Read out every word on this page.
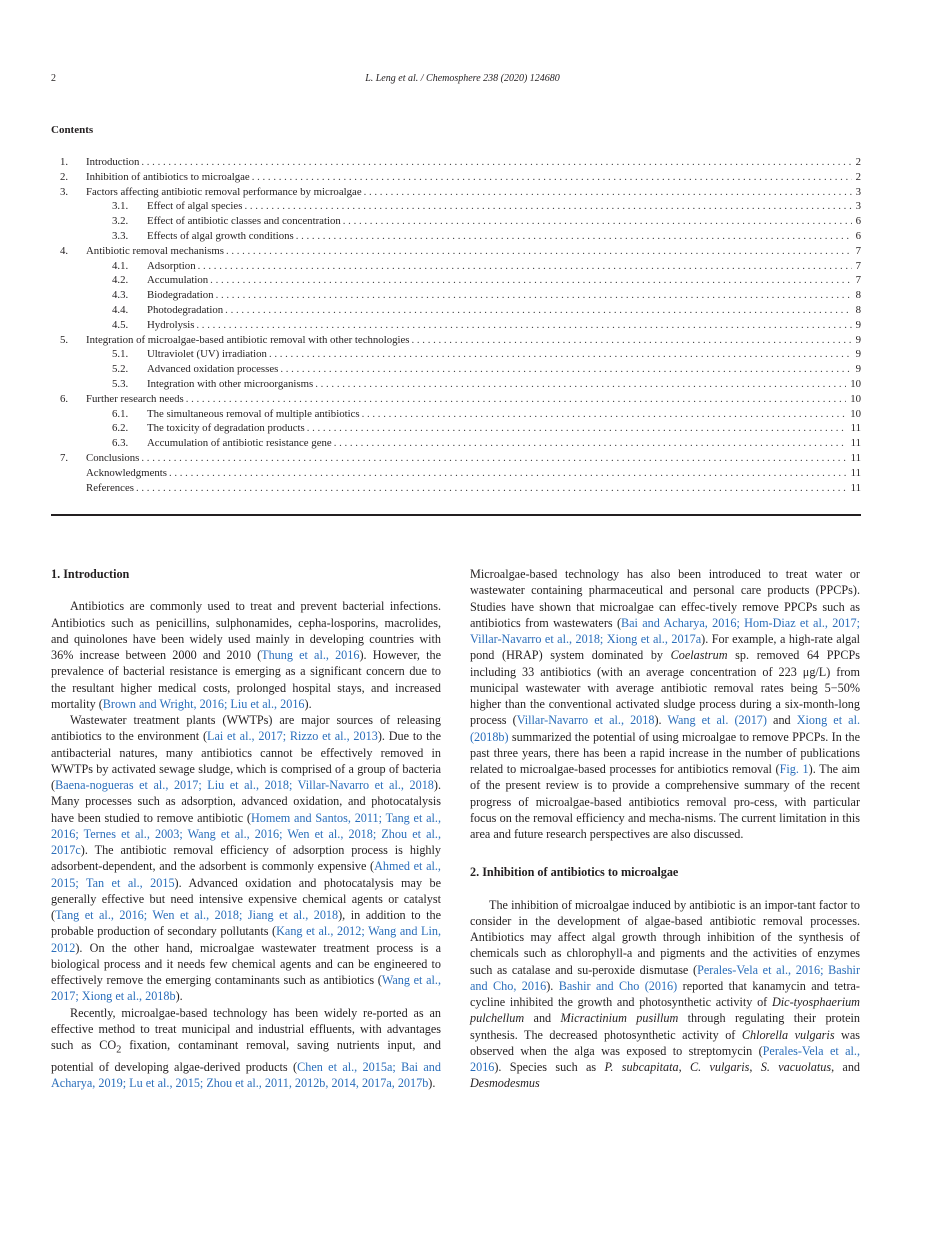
2	L. Leng et al. / Chemosphere 238 (2020) 124680
Contents
1.	Introduction . . .	2
2.	Inhibition of antibiotics to microalgae . . .	2
3.	Factors affecting antibiotic removal performance by microalgae . . .	3
3.1.	Effect of algal species . . .	3
3.2.	Effect of antibiotic classes and concentration . . .	6
3.3.	Effects of algal growth conditions . . .	6
4.	Antibiotic removal mechanisms . . .	7
4.1.	Adsorption . . .	7
4.2.	Accumulation . . .	7
4.3.	Biodegradation . . .	8
4.4.	Photodegradation . . .	8
4.5.	Hydrolysis . . .	9
5.	Integration of microalgae-based antibiotic removal with other technologies . . .	9
5.1.	Ultraviolet (UV) irradiation . . .	9
5.2.	Advanced oxidation processes . . .	9
5.3.	Integration with other microorganisms . . .	10
6.	Further research needs . . .	10
6.1.	The simultaneous removal of multiple antibiotics . . .	10
6.2.	The toxicity of degradation products . . .	11
6.3.	Accumulation of antibiotic resistance gene . . .	11
7.	Conclusions . . .	11
Acknowledgments . . .	11
References . . .	11
1. Introduction

Antibiotics are commonly used to treat and prevent bacterial infections. Antibiotics such as penicillins, sulphonamides, cepha-losporins, macrolides, and quinolones have been widely used mainly in developing countries with 36% increase between 2000 and 2010 (Thung et al., 2016). However, the prevalence of bacterial resistance is emerging as a significant concern due to the resultant higher medical costs, prolonged hospital stays, and increased mortality (Brown and Wright, 2016; Liu et al., 2016).

Wastewater treatment plants (WWTPs) are major sources of releasing antibiotics to the environment (Lai et al., 2017; Rizzo et al., 2013). Due to the antibacterial natures, many antibiotics cannot be effectively removed in WWTPs by activated sewage sludge, which is comprised of a group of bacteria (Baena-nogueras et al., 2017; Liu et al., 2018; Villar-Navarro et al., 2018). Many processes such as adsorption, advanced oxidation, and photocatalysis have been studied to remove antibiotic (Homem and Santos, 2011; Tang et al., 2016; Ternes et al., 2003; Wang et al., 2016; Wen et al., 2018; Zhou et al., 2017c). The antibiotic removal efficiency of adsorption process is highly adsorbent-dependent, and the adsorbent is commonly expensive (Ahmed et al., 2015; Tan et al., 2015). Advanced oxidation and photocatalysis may be generally effective but need intensive expensive chemical agents or catalyst (Tang et al., 2016; Wen et al., 2018; Jiang et al., 2018), in addition to the probable production of secondary pollutants (Kang et al., 2012; Wang and Lin, 2012). On the other hand, microalgae wastewater treatment process is a biological process and it needs few chemical agents and can be engineered to effectively remove the emerging contaminants such as antibiotics (Wang et al., 2017; Xiong et al., 2018b).

Recently, microalgae-based technology has been widely re-ported as an effective method to treat municipal and industrial effluents, with advantages such as $CO_2$ fixation, contaminant removal, saving nutrients input, and potential of developing algae-derived products (Chen et al., 2015a; Bai and Acharya, 2019; Lu et al., 2015; Zhou et al., 2011, 2012b, 2014, 2017a, 2017b).

Microalgae-based technology has also been introduced to treat water or wastewater containing pharmaceutical and personal care products (PPCPs). Studies have shown that microalgae can effec-tively remove PPCPs such as antibiotics from wastewaters (Bai and Acharya, 2016; Hom-Diaz et al., 2017; Villar-Navarro et al., 2018; Xiong et al., 2017a). For example, a high-rate algal pond (HRAP) system dominated by Coelastrum sp. removed 64 PPCPs including 33 antibiotics (with an average concentration of 223 μg/L) from municipal wastewater with average antibiotic removal rates being 5−50% higher than the conventional activated sludge process during a six-month-long process (Villar-Navarro et al., 2018). Wang et al. (2017) and Xiong et al. (2018b) summarized the potential of using microalgae to remove PPCPs. In the past three years, there has been a rapid increase in the number of publications related to microalgae-based processes for antibiotics removal (Fig. 1). The aim of the present review is to provide a comprehensive summary of the recent progress of microalgae-based antibiotics removal pro-cess, with particular focus on the removal efficiency and mecha-nisms. The current limitation in this area and future research perspectives are also discussed.

2. Inhibition of antibiotics to microalgae

The inhibition of microalgae induced by antibiotic is an impor-tant factor to consider in the development of algae-based antibiotic removal processes. Antibiotics may affect algal growth through inhibition of the synthesis of chemicals such as chlorophyll-a and pigments and the activities of enzymes such as catalase and su-peroxide dismutase (Perales-Vela et al., 2016; Bashir and Cho, 2016). Bashir and Cho (2016) reported that kanamycin and tetra-cycline inhibited the growth and photosynthetic activity of Dic-tyosphaerium pulchellum and Micractinium pusillum through regulating their protein synthesis. The decreased photosynthetic activity of Chlorella vulgaris was observed when the alga was exposed to streptomycin (Perales-Vela et al., 2016). Species such as P. subcapitata, C. vulgaris, S. vacuolatus, and Desmodesmus
